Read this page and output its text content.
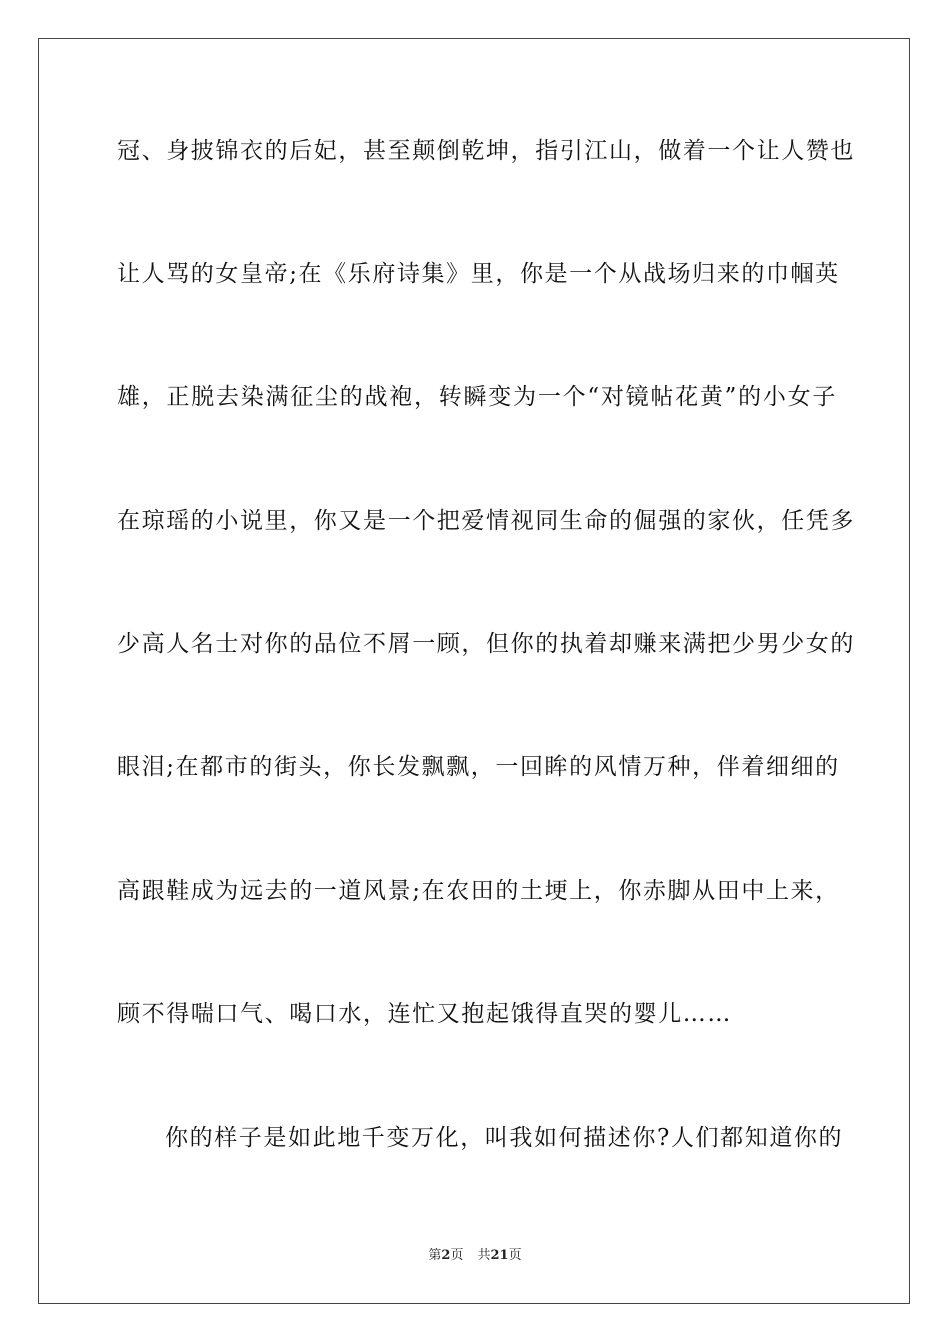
冠、身披锦衣的后妃，甚至颠倒乾坤，指引江山，做着一个让人赞也
让人骂的女皇帝;在《乐府诗集》里，你是一个从战场归来的巾帼英
雄，正脱去染满征尘的战袍，转瞬变为一个“对镜帖花黄”的小女子
在琼瑶的小说里，你又是一个把爱情视同生命的倔强的家伙，任凭多
少高人名士对你的品位不屑一顾，但你的执着却赚来满把少男少女的
眼泪;在都市的街头，你长发飘飘，一回眸的风情万种，伴着细细的
高跟鞋成为远去的一道风景;在农田的土埂上，你赤脚从田中上来，
顾不得喘口气、喝口水，连忙又抱起饿得直哭的婴儿……
你的样子是如此地千变万化，叫我如何描述你?人们都知道你的
第2页 共21页
